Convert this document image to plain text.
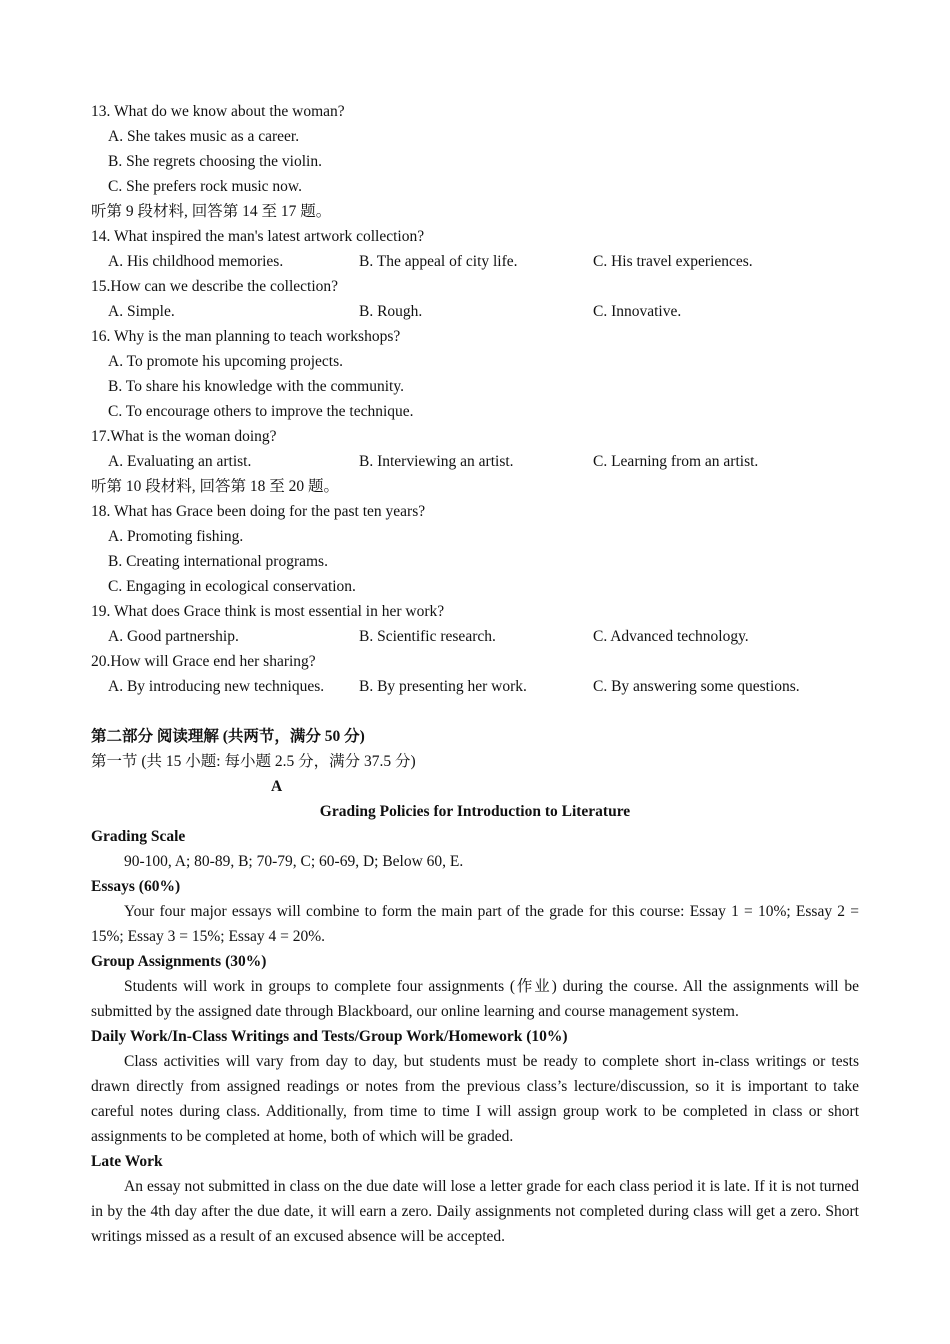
13. What do we know about the woman?
A. She takes music as a career.
B. She regrets choosing the violin.
C. She prefers rock music now.
听第 9 段材料, 回答第 14 至 17 题。
14. What inspired the man's latest artwork collection?
A. His childhood memories.	B. The appeal of city life.	C. His travel experiences.
15.How can we describe the collection?
A. Simple.	B. Rough.	C. Innovative.
16. Why is the man planning to teach workshops?
A. To promote his upcoming projects.
B. To share his knowledge with the community.
C. To encourage others to improve the technique.
17.What is the woman doing?
A. Evaluating an artist.	B. Interviewing an artist.	C. Learning from an artist.
听第 10 段材料, 回答第 18 至 20 题。
18. What has Grace been doing for the past ten years?
A. Promoting fishing.
B. Creating international programs.
C. Engaging in ecological conservation.
19. What does Grace think is most essential in her work?
A. Good partnership.	B. Scientific research.	C. Advanced technology.
20.How will Grace end her sharing?
A. By introducing new techniques.	B. By presenting her work.	C. By answering some questions.
第二部分 阅读理解 (共两节，满分 50 分)
第一节 (共 15 小题: 每小题 2.5 分，满分 37.5 分)
A
Grading Policies for Introduction to Literature
Grading Scale
90-100, A; 80-89, B; 70-79, C; 60-69, D; Below 60, E.
Essays (60%)
Your four major essays will combine to form the main part of the grade for this course: Essay 1 = 10%; Essay 2 = 15%; Essay 3 = 15%; Essay 4 = 20%.
Group Assignments (30%)
Students will work in groups to complete four assignments (作业) during the course. All the assignments will be submitted by the assigned date through Blackboard, our online learning and course management system.
Daily Work/In-Class Writings and Tests/Group Work/Homework (10%)
Class activities will vary from day to day, but students must be ready to complete short in-class writings or tests drawn directly from assigned readings or notes from the previous class’s lecture/discussion, so it is important to take careful notes during class. Additionally, from time to time I will assign group work to be completed in class or short assignments to be completed at home, both of which will be graded.
Late Work
An essay not submitted in class on the due date will lose a letter grade for each class period it is late. If it is not turned in by the 4th day after the due date, it will earn a zero. Daily assignments not completed during class will get a zero. Short writings missed as a result of an excused absence will be accepted.
